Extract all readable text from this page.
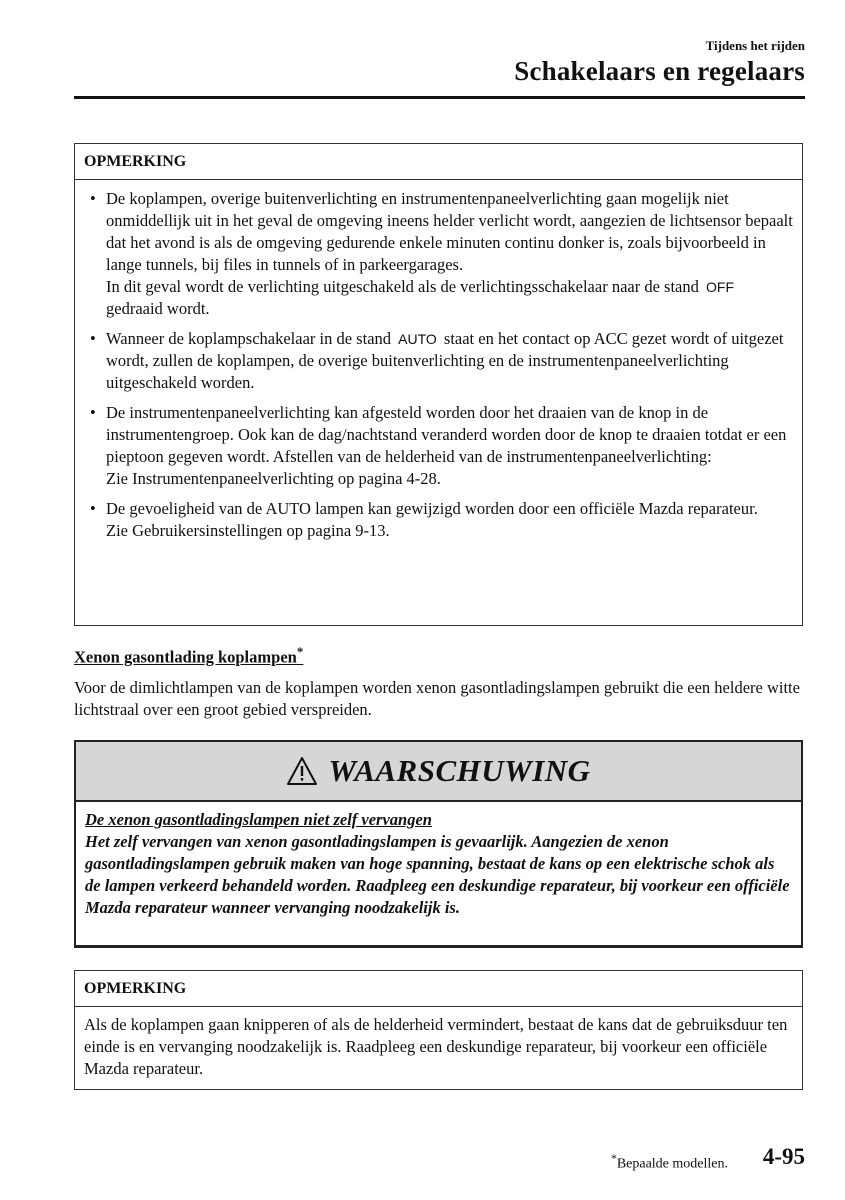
Tijdens het rijden
Schakelaars en regelaars
OPMERKING

• De koplampen, overige buitenverlichting en instrumentenpaneelverlichting gaan mogelijk niet onmiddellijk uit in het geval de omgeving ineens helder verlicht wordt, aangezien de lichtsensor bepaalt dat het avond is als de omgeving gedurende enkele minuten continu donker is, zoals bijvoorbeeld in lange tunnels, bij files in tunnels of in parkeergarages.

In dit geval wordt de verlichting uitgeschakeld als de verlichtingsschakelaar naar de stand OFF gedraaid wordt.

• Wanneer de koplampschakelaar in de stand AUTO staat en het contact op ACC gezet wordt of uitgezet wordt, zullen de koplampen, de overige buitenverlichting en de instrumentenpaneelverlichting uitgeschakeld worden.

• De instrumentenpaneelverlichting kan afgesteld worden door het draaien van de knop in de instrumentengroep. Ook kan de dag/nachtstand veranderd worden door de knop te draaien totdat er een pieptoon gegeven wordt. Afstellen van de helderheid van de instrumentenpaneelverlichting:

Zie Instrumentenpaneelverlichting op pagina 4-28.

• De gevoeligheid van de AUTO lampen kan gewijzigd worden door een officiële Mazda reparateur.

Zie Gebruikersinstellingen op pagina 9-13.

Xenon gasontlading koplampen*

Voor de dimlichtlampen van de koplampen worden xenon gasontladingslampen gebruikt die een heldere witte lichtstraal over een groot gebied verspreiden.

WAARSCHUWING
De xenon gasontladingslampen niet zelf vervangen
Het zelf vervangen van xenon gasontladingslampen is gevaarlijk. Aangezien de xenon gasontladingslampen gebruik maken van hoge spanning, bestaat de kans op een elektrische schok als de lampen verkeerd behandeld worden. Raadpleeg een deskundige reparateur, bij voorkeur een officiële Mazda reparateur wanneer vervanging noodzakelijk is.
OPMERKING
Als de koplampen gaan knipperen of als de helderheid vermindert, bestaat de kans dat de gebruiksduur ten einde is en vervanging noodzakelijk is. Raadpleeg een deskundige reparateur, bij voorkeur een officiële Mazda reparateur.
*Bepaalde modellen. 4-95
